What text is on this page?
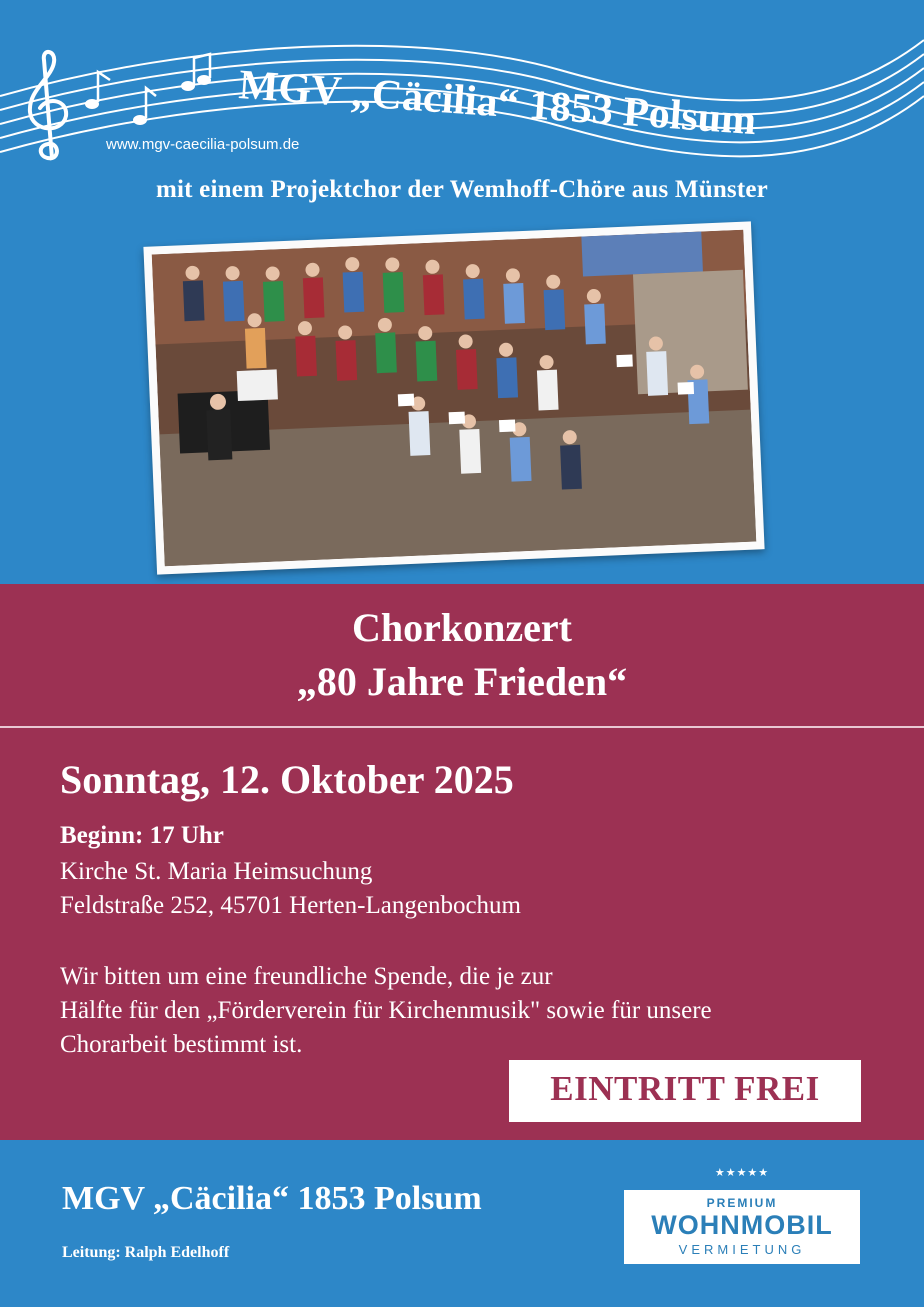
MGV „Cäcilia“ 1853 Polsum
www.mgv-caecilia-polsum.de
mit einem Projektchor der Wemhoff-Chöre aus Münster
Chorkonzert
„80 Jahre Frieden“
Sonntag, 12. Oktober 2025
Beginn: 17 Uhr
Kirche St. Maria Heimsuchung
Feldstraße 252, 45701 Herten-Langenbochum
Wir bitten um eine freundliche Spende, die je zur
Hälfte für den „Förderverein für Kirchenmusik" sowie für unsere
Chorarbeit bestimmt ist.
EINTRITT FREI
MGV „Cäcilia“ 1853 Polsum
Leitung: Ralph Edelhoff
PREMIUM
WOHNMOBIL
VERMIETUNG
★★★★★
